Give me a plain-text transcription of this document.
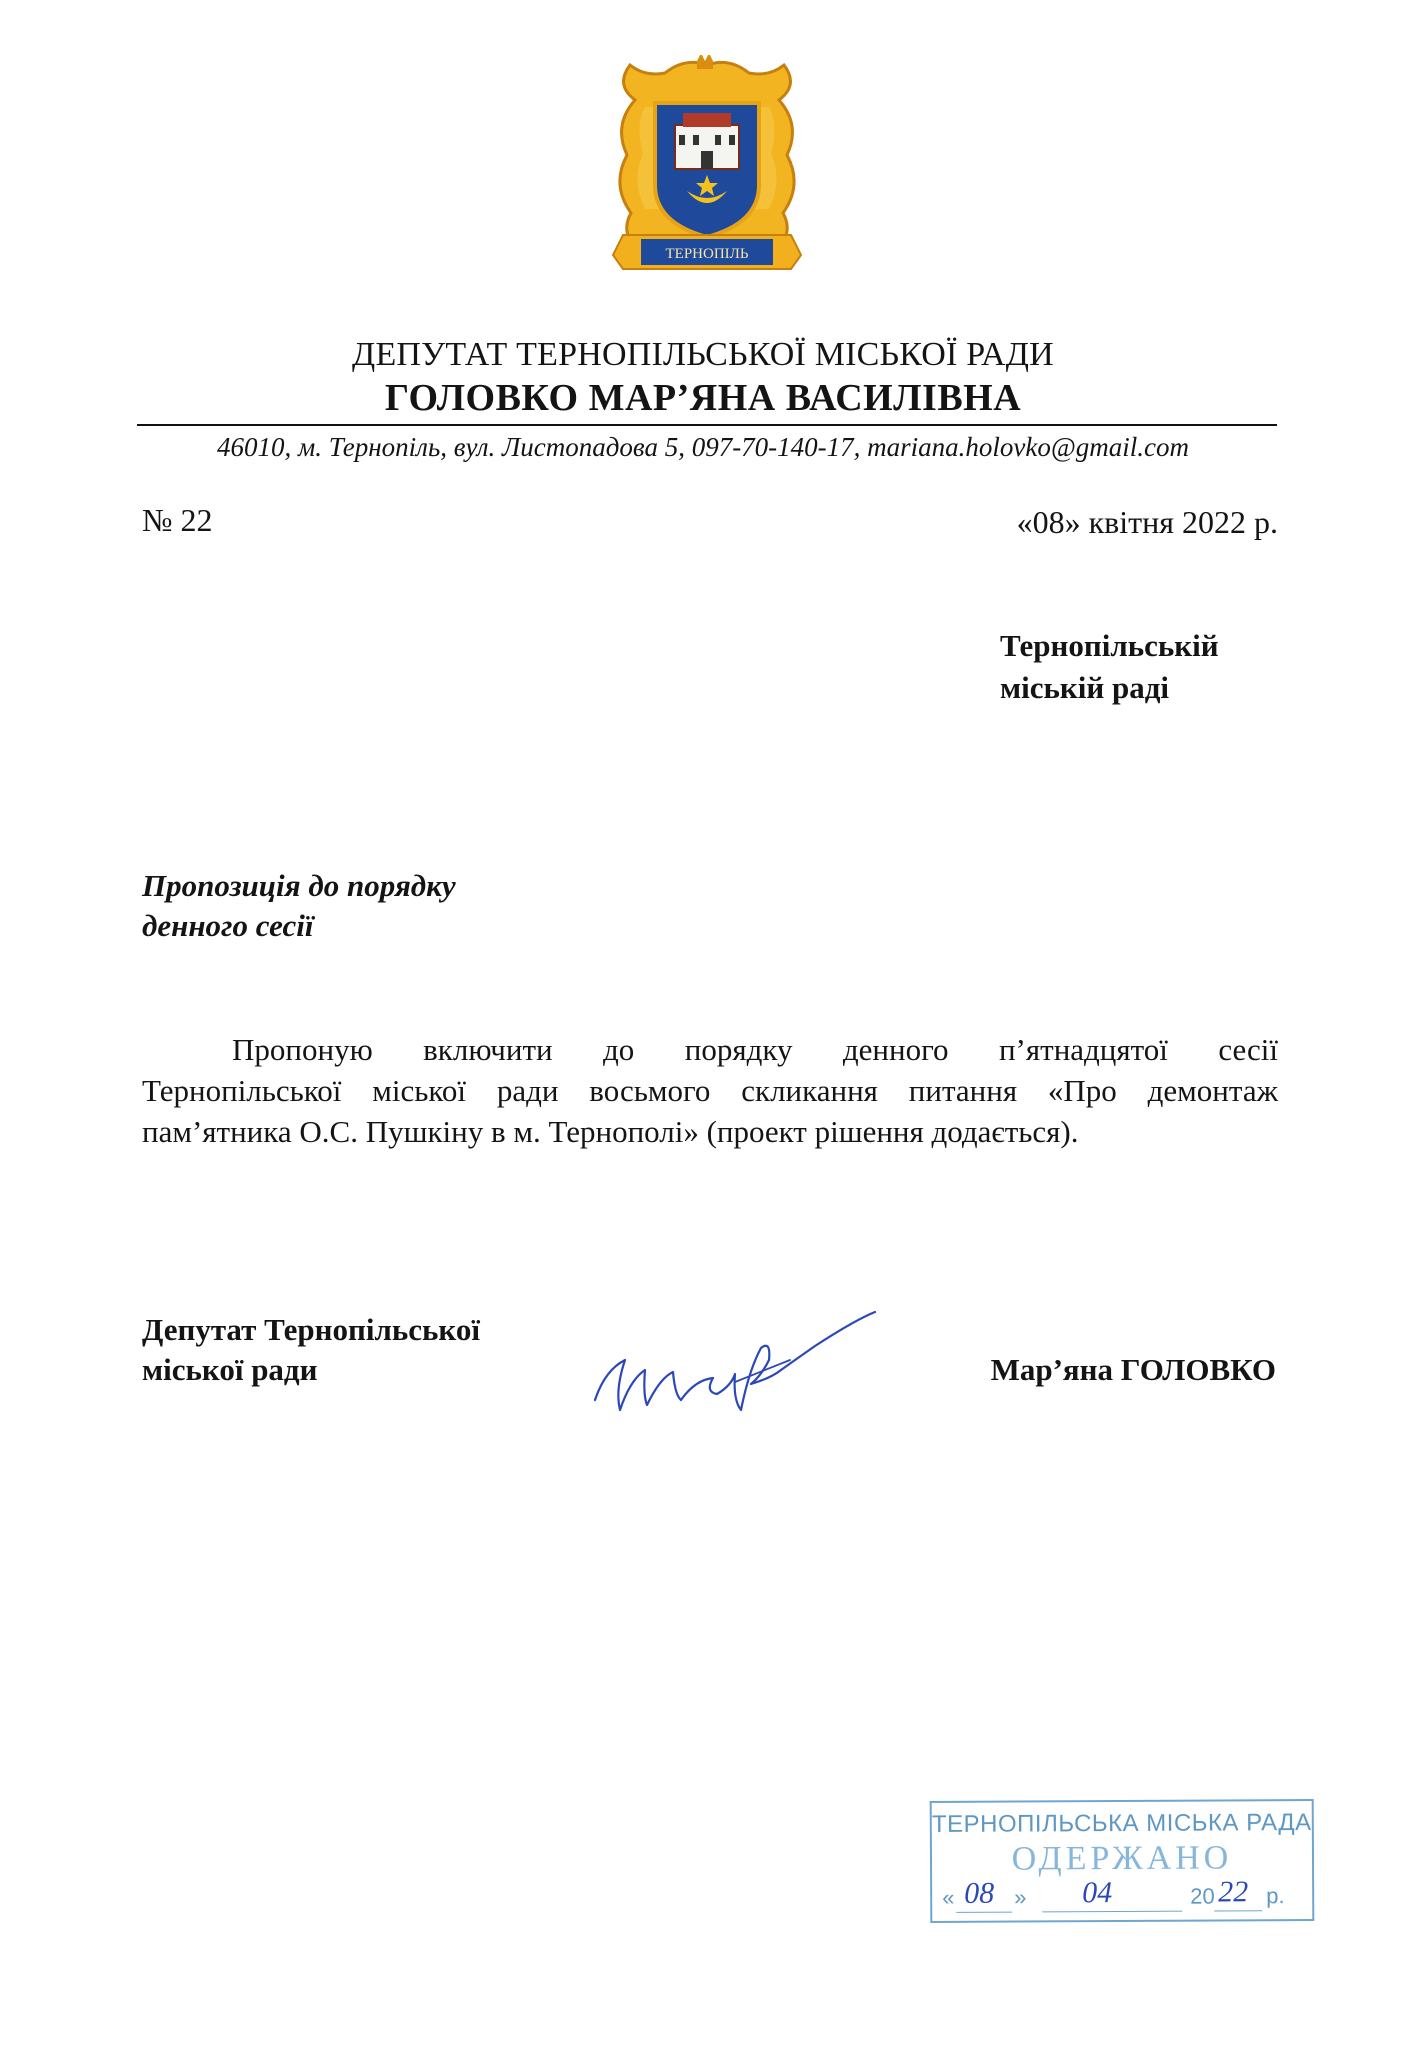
ТЕРНОПІЛЬ
ДЕПУТАТ ТЕРНОПІЛЬСЬКОЇ МІСЬКОЇ РАДИ
ГОЛОВКО МАР’ЯНА ВАСИЛІВНА
46010, м. Тернопіль, вул. Листопадова 5, 097-70-140-17, mariana.holovko@gmail.com
№ 22	«08» квітня 2022 р.
Тернопільській
міській раді
Пропозиція до порядку
денного сесії
Пропоную включити до порядку денного п’ятнадцятої сесії
Тернопільської міської ради восьмого скликання питання «Про демонтаж
пам’ятника О.С. Пушкіну в м. Тернополі» (проект рішення додається).
Депутат Тернопільської
міської ради	Мар’яна ГОЛОВКО
ТЕРНОПІЛЬСЬКА МІСЬКА РАДА
ОДЕРЖАНО
« 08 » 04	20 22 р.
